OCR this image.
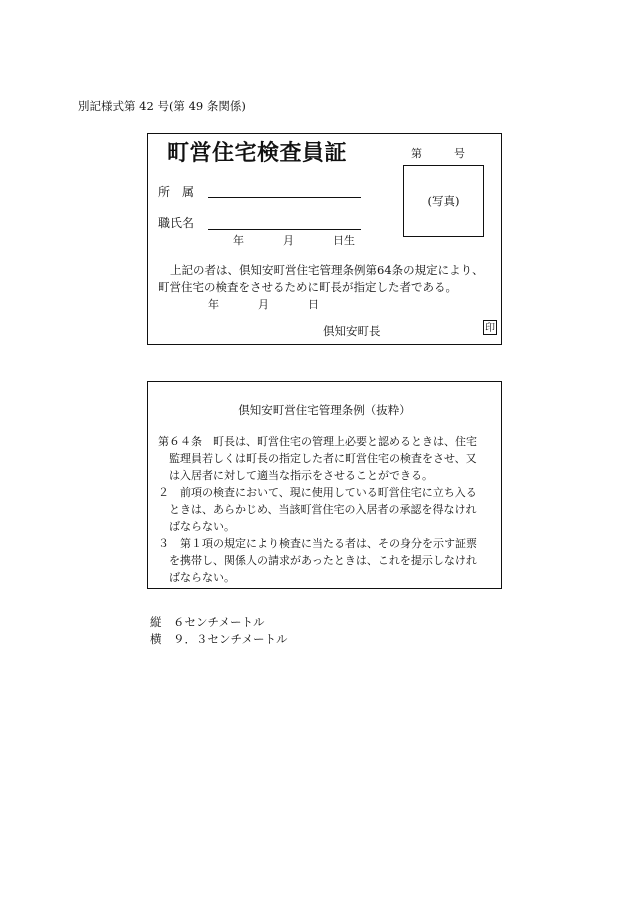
別記様式第 42 号(第 49 条関係)
町営住宅検査員証	第	号
(写真)
所　属
職氏名
年	月	日生
上記の者は、倶知安町営住宅管理条例第64条の規定により、
町営住宅の検査をさせるために町長が指定した者である。
年	月	日
倶知安町長	印
倶知安町営住宅管理条例（抜粋）
第６４条　町長は、町営住宅の管理上必要と認めるときは、住宅
　監理員若しくは町長の指定した者に町営住宅の検査をさせ、又
　は入居者に対して適当な指示をさせることができる。
２　前項の検査において、現に使用している町営住宅に立ち入る
　ときは、あらかじめ、当該町営住宅の入居者の承認を得なけれ
　ばならない。
３　第１項の規定により検査に当たる者は、その身分を示す証票
　を携帯し、関係人の請求があったときは、これを提示しなけれ
　ばならない。
縦　６センチメートル
横　９．３センチメートル
